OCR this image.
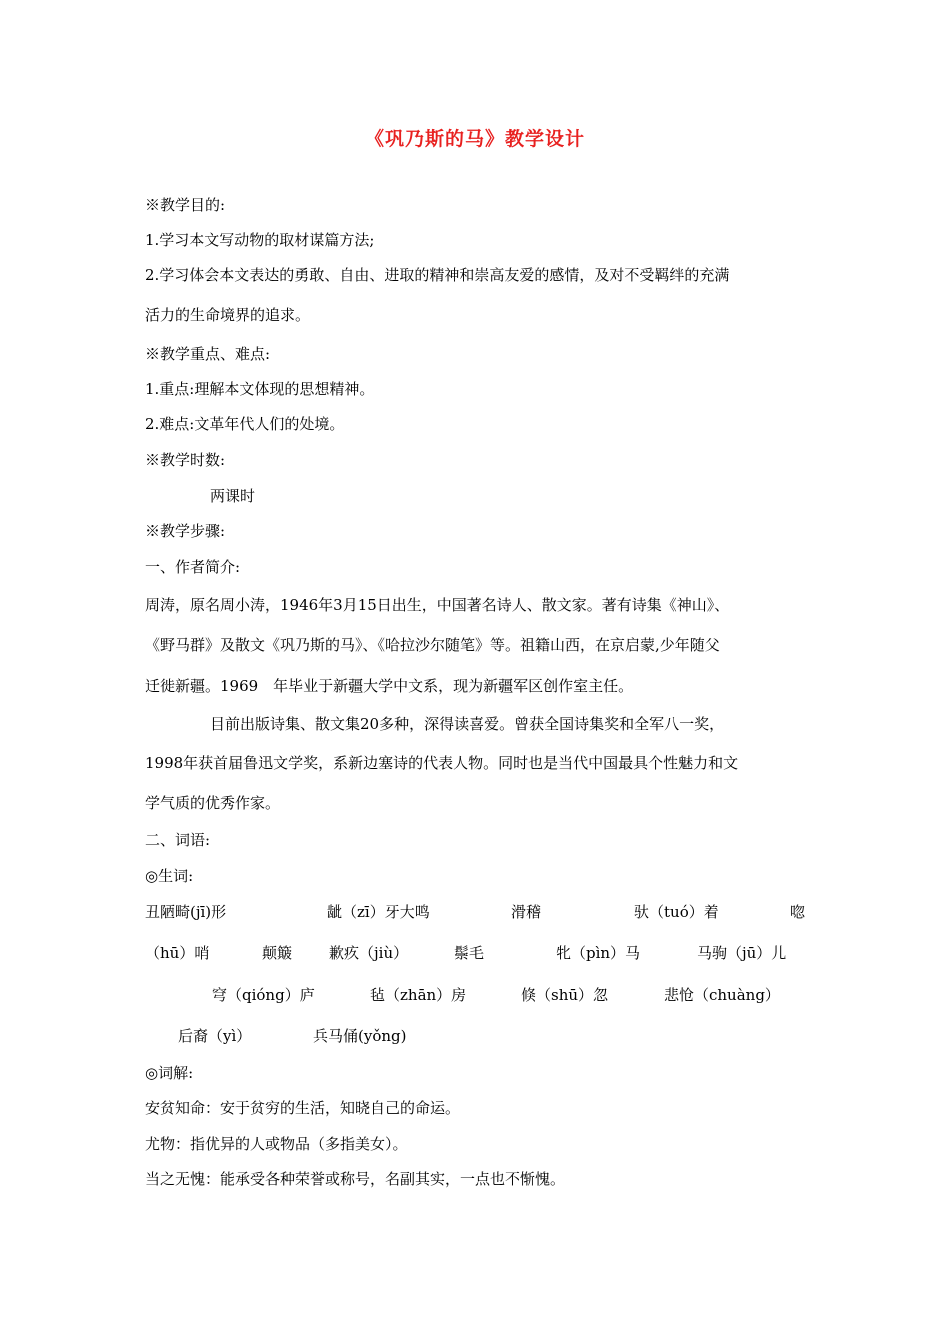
《巩乃斯的马》教学设计
※教学目的:
1.学习本文写动物的取材谋篇方法;
2.学习体会本文表达的勇敢、自由、进取的精神和崇高友爱的感情，及对不受羁绊的充满
活力的生命境界的追求。
※教学重点、难点:
1.重点:理解本文体现的思想精神。
2.难点:文革年代人们的处境。
※教学时数:
两课时
※教学步骤:
一、作者简介:
周涛，原名周小涛，1946年3月15日出生，中国著名诗人、散文家。著有诗集《神山》、
《野马群》及散文《巩乃斯的马》、《哈拉沙尔随笔》等。祖籍山西，在京启蒙,少年随父
迁徙新疆。1969　年毕业于新疆大学中文系，现为新疆军区创作室主任。
目前出版诗集、散文集20多种，深得读喜爱。曾获全国诗集奖和全军八一奖，
1998年获首届鲁迅文学奖，系新边塞诗的代表人物。同时也是当代中国最具个性魅力和文
学气质的优秀作家。
二、词语:
◎生词:
丑陋畸(jī)形	龇（zī）牙大鸣	滑稽	驮（tuó）着	唿
（hū）哨	颠簸 歉疚（jiù）	鬃毛	牝（pìn）马	马驹（jū）儿
穹（qióng）庐	毡（zhān）房	倏（shū）忽	悲怆（chuàng）
后裔（yì）	兵马俑(yǒng)
◎词解:
安贫知命：安于贫穷的生活，知晓自己的命运。
尤物：指优异的人或物品（多指美女）。
当之无愧：能承受各种荣誉或称号，名副其实，一点也不惭愧。
